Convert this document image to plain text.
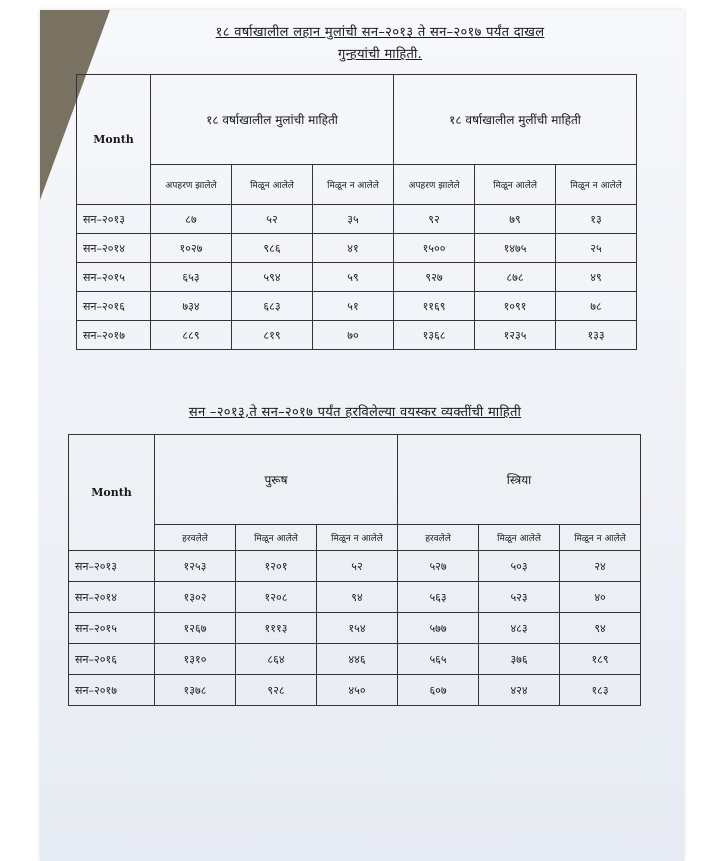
१८ वर्षाखालील लहान मुलांची सन–२०१३ ते सन–२०१७ पर्यंत दाखल
गुन्हयांची माहिती.
Month	१८ वर्षाखालील मुलांची माहिती			१८ वर्षाखालील मुलींची माहिती		
	अपहरण झालेले	मिळून आलेले	मिळून न आलेले	अपहरण झालेले	मिळून आलेले	मिळून न आलेले
सन–२०१३	८७	५२	३५	९२	७९	१३
सन–२०१४	१०२७	९८६	४१	१५००	१४७५	२५
सन–२०१५	६५३	५९४	५९	९२७	८७८	४९
सन–२०१६	७३४	६८३	५१	११६९	१०९१	७८
सन–२०१७	८८९	८१९	७०	१३६८	१२३५	१३३
सन –२०१३,ते सन–२०१७ पर्यंत हरविलेल्या वयस्कर व्यक्तींची माहिती
Month	पुरूष			स्त्रिया		
	हरवलेले	मिळून आलेले	मिळून न आलेले	हरवलेले	मिळून आलेले	मिळून न आलेले
सन–२०१३	१२५३	१२०१	५२	५२७	५०३	२४
सन–२०१४	१३०२	१२०८	९४	५६३	५२३	४०
सन–२०१५	१२६७	१११३	१५४	५७७	४८३	९४
सन–२०१६	१३१०	८६४	४४६	५६५	३७६	१८९
सन–२०१७	१३७८	९२८	४५०	६०७	४२४	१८३
